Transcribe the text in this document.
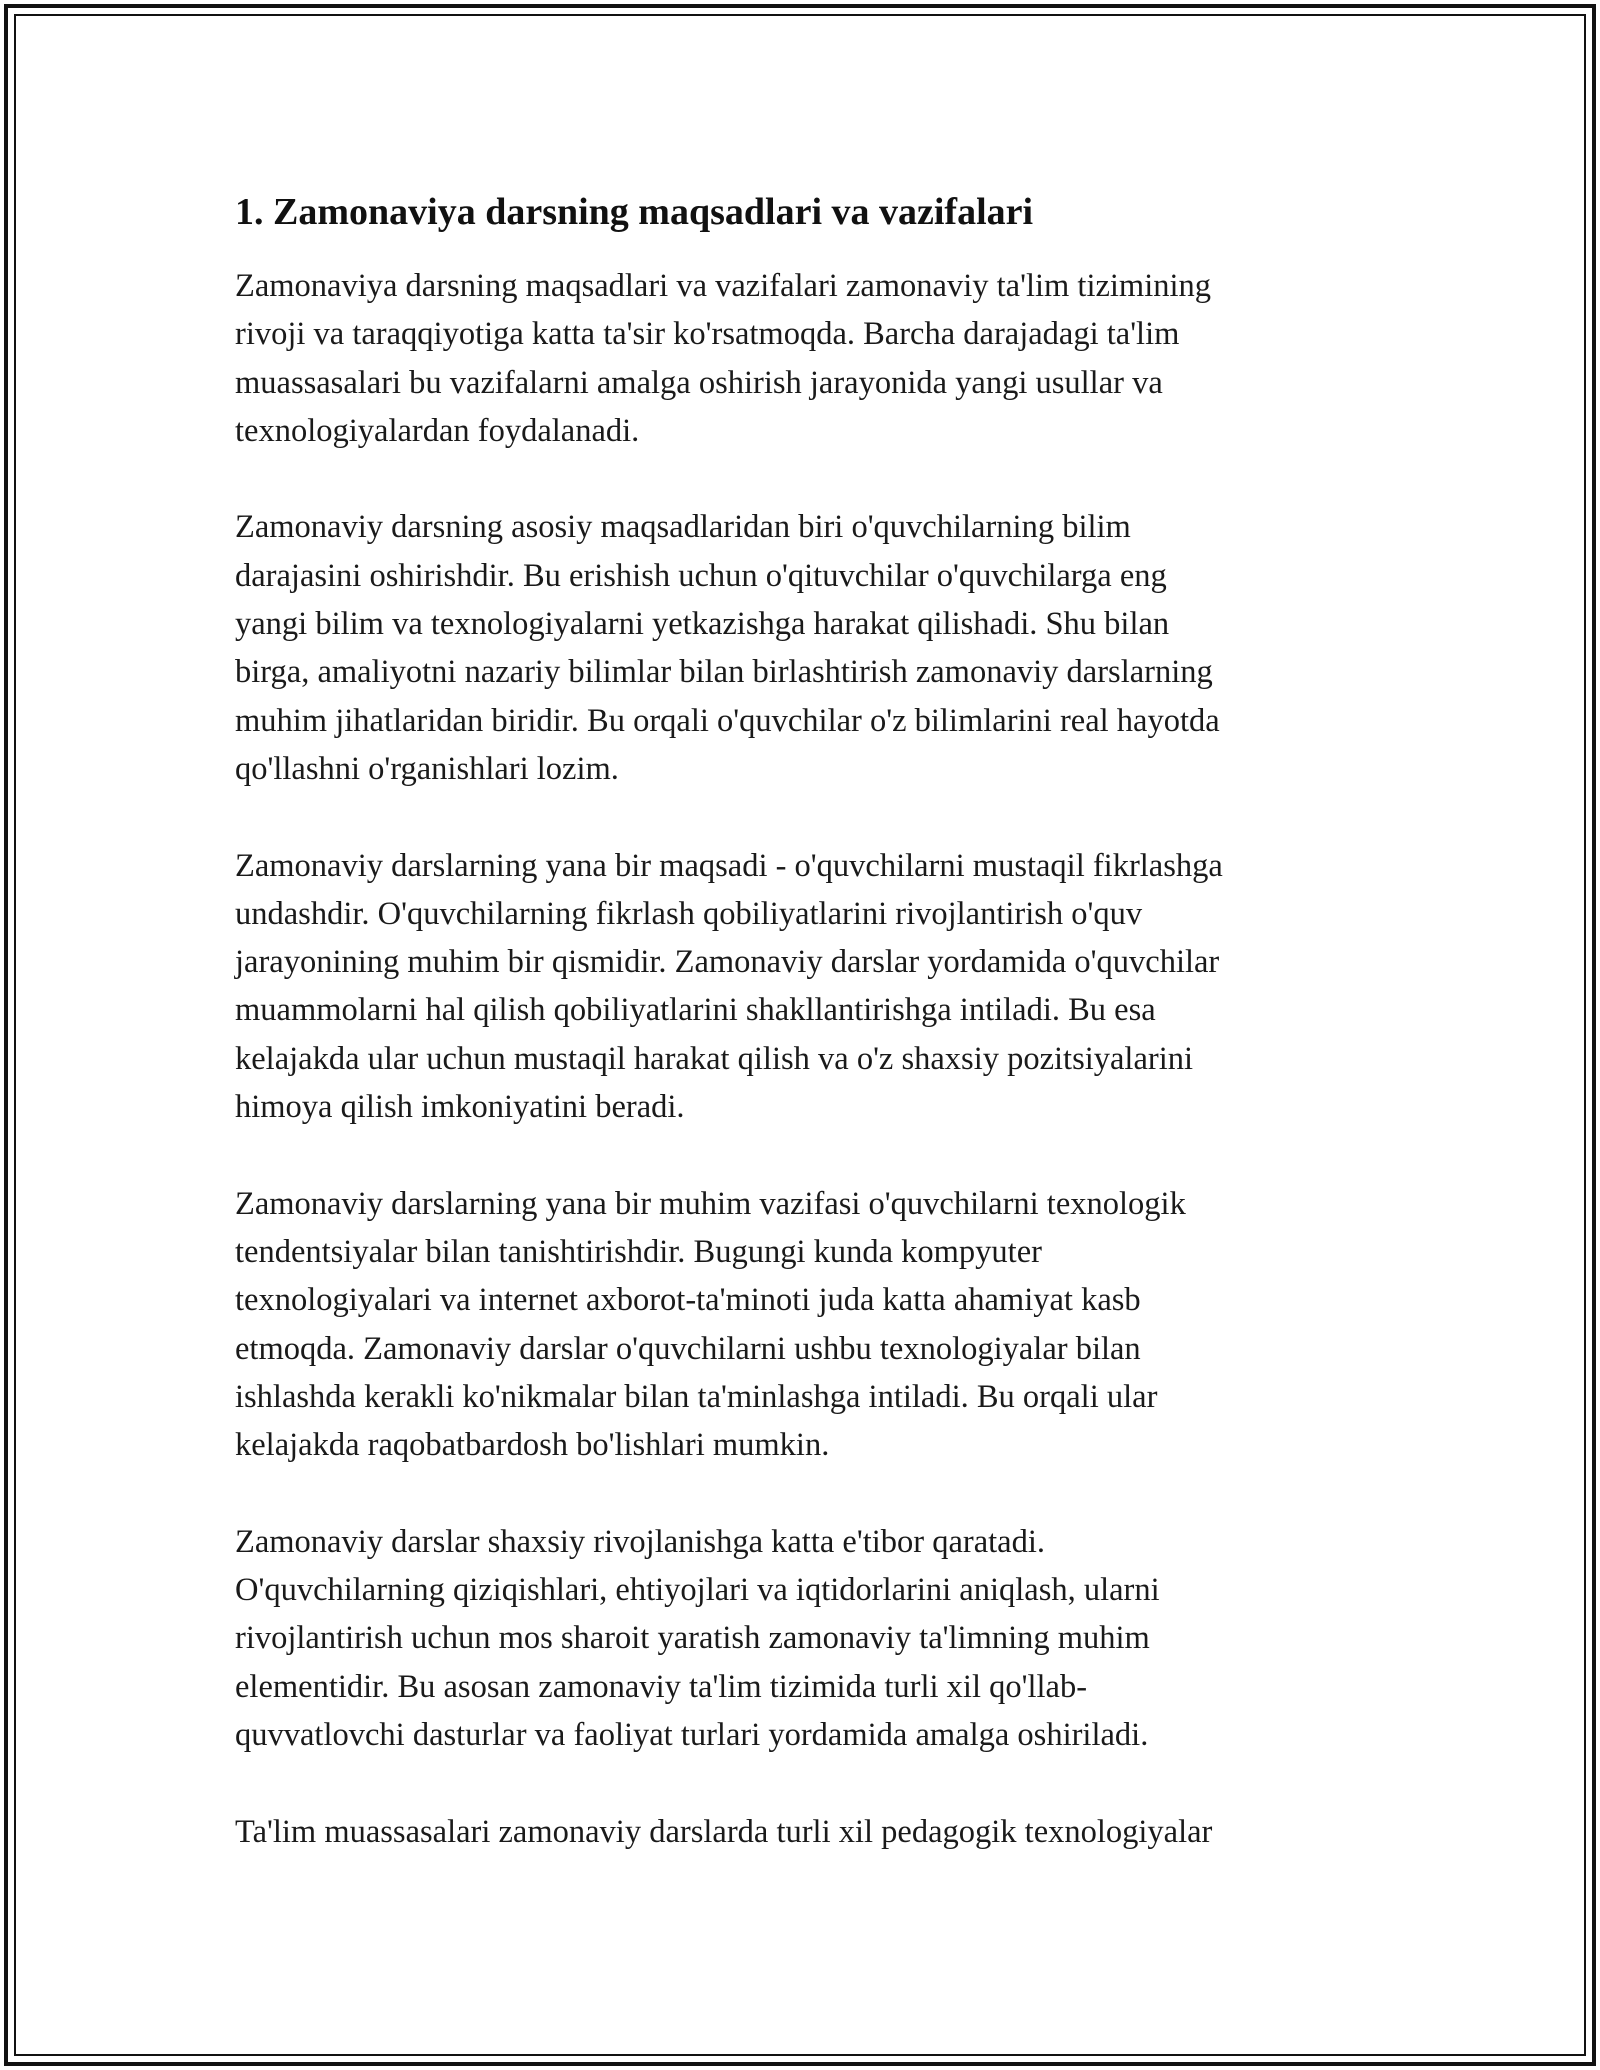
1. Zamonaviya darsning maqsadlari va vazifalari

Zamonaviya darsning maqsadlari va vazifalari zamonaviy ta'lim tizimining
rivoji va taraqqiyotiga katta ta'sir ko'rsatmoqda. Barcha darajadagi ta'lim
muassasalari bu vazifalarni amalga oshirish jarayonida yangi usullar va
texnologiyalardan foydalanadi.

Zamonaviy darsning asosiy maqsadlaridan biri o'quvchilarning bilim
darajasini oshirishdir. Bu erishish uchun o'qituvchilar o'quvchilarga eng
yangi bilim va texnologiyalarni yetkazishga harakat qilishadi. Shu bilan
birga, amaliyotni nazariy bilimlar bilan birlashtirish zamonaviy darslarning
muhim jihatlaridan biridir. Bu orqali o'quvchilar o'z bilimlarini real hayotda
qo'llashni o'rganishlari lozim.

Zamonaviy darslarning yana bir maqsadi - o'quvchilarni mustaqil fikrlashga
undashdir. O'quvchilarning fikrlash qobiliyatlarini rivojlantirish o'quv
jarayonining muhim bir qismidir. Zamonaviy darslar yordamida o'quvchilar
muammolarni hal qilish qobiliyatlarini shakllantirishga intiladi. Bu esa
kelajakda ular uchun mustaqil harakat qilish va o'z shaxsiy pozitsiyalarini
himoya qilish imkoniyatini beradi.

Zamonaviy darslarning yana bir muhim vazifasi o'quvchilarni texnologik
tendentsiyalar bilan tanishtirishdir. Bugungi kunda kompyuter
texnologiyalari va internet axborot-ta'minoti juda katta ahamiyat kasb
etmoqda. Zamonaviy darslar o'quvchilarni ushbu texnologiyalar bilan
ishlashda kerakli ko'nikmalar bilan ta'minlashga intiladi. Bu orqali ular
kelajakda raqobatbardosh bo'lishlari mumkin.

Zamonaviy darslar shaxsiy rivojlanishga katta e'tibor qaratadi.
O'quvchilarning qiziqishlari, ehtiyojlari va iqtidorlarini aniqlash, ularni
rivojlantirish uchun mos sharoit yaratish zamonaviy ta'limning muhim
elementidir. Bu asosan zamonaviy ta'lim tizimida turli xil qo'llab-
quvvatlovchi dasturlar va faoliyat turlari yordamida amalga oshiriladi.

Ta'lim muassasalari zamonaviy darslarda turli xil pedagogik texnologiyalar
